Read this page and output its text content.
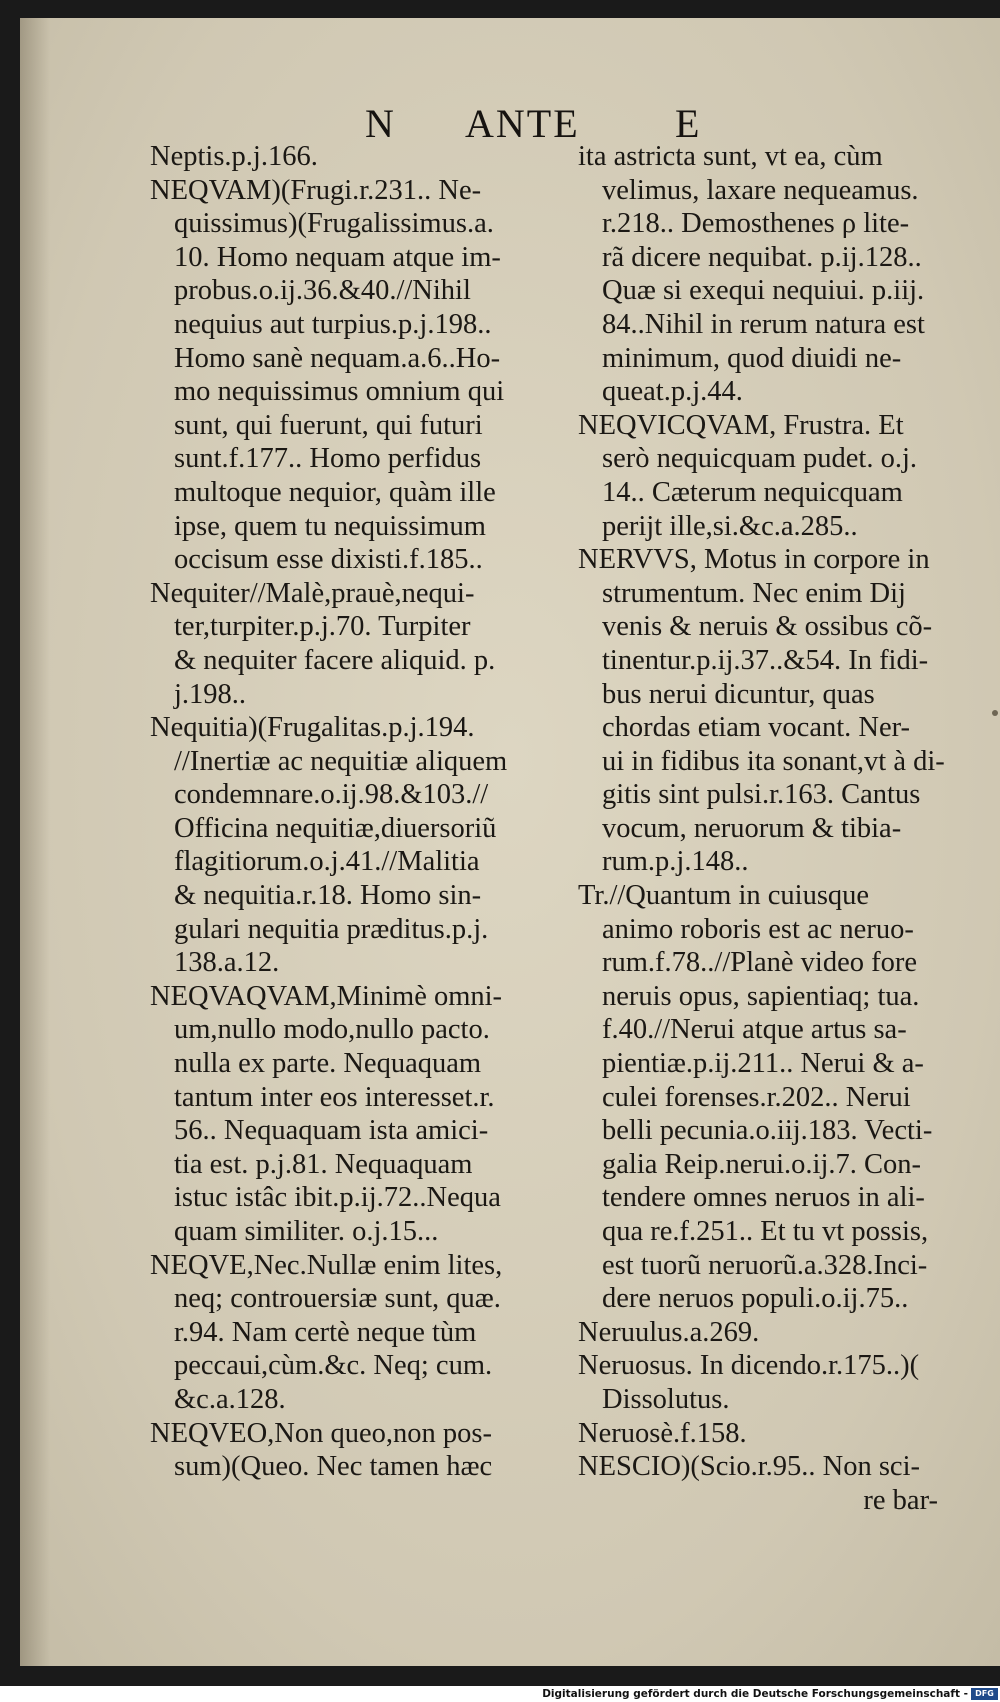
N ANTE E
Neptis.p.j.166.
NEQVAM)(Frugi.r.231.. Ne-
quissimus)(Frugalissimus.a.
10. Homo nequam atque im-
probus.o.ij.36.&40.//Nihil
nequius aut turpius.p.j.198..
Homo sanè nequam.a.6..Ho-
mo nequissimus omnium qui
sunt, qui fuerunt, qui futuri
sunt.f.177.. Homo perfidus
multoque nequior, quàm ille
ipse, quem tu nequissimum
occisum esse dixisti.f.185..
Nequiter//Malè,prauè,nequi-
ter,turpiter.p.j.70. Turpiter
& nequiter facere aliquid. p.
j.198..
Nequitia)(Frugalitas.p.j.194.
//Inertiæ ac nequitiæ aliquem
condemnare.o.ij.98.&103.//
Officina nequitiæ,diuersoriũ
flagitiorum.o.j.41.//Malitia
& nequitia.r.18. Homo sin-
gulari nequitia præditus.p.j.
138.a.12.
NEQVAQVAM,Minimè omni-
um,nullo modo,nullo pacto.
nulla ex parte. Nequaquam
tantum inter eos interesset.r.
56.. Nequaquam ista amici-
tia est. p.j.81. Nequaquam
istuc istâc ibit.p.ij.72..Nequa
quam similiter. o.j.15...
NEQVE,Nec.Nullæ enim lites,
neq; controuersiæ sunt, quæ.
r.94. Nam certè neque tùm
peccaui,cùm.&c. Neq; cum.
&c.a.128.
NEQVEO,Non queo,non pos-
sum)(Queo. Nec tamen hæc
ita astricta sunt, vt ea, cùm
velimus, laxare nequeamus.
r.218.. Demosthenes ρ lite-
rã dicere nequibat. p.ij.128..
Quæ si exequi nequiui. p.iij.
84..Nihil in rerum natura est
minimum, quod diuidi ne-
queat.p.j.44.
NEQVICQVAM, Frustra. Et
serò nequicquam pudet. o.j.
14.. Cæterum nequicquam
perijt ille,si.&c.a.285..
NERVVS, Motus in corpore in
strumentum. Nec enim Dij
venis & neruis & ossibus cõ-
tinentur.p.ij.37..&54. In fidi-
bus nerui dicuntur, quas
chordas etiam vocant. Ner-
ui in fidibus ita sonant,vt à di-
gitis sint pulsi.r.163. Cantus
vocum, neruorum & tibia-
rum.p.j.148..
Tr.//Quantum in cuiusque
animo roboris est ac neruo-
rum.f.78..//Planè video fore
neruis opus, sapientiaq; tua.
f.40.//Nerui atque artus sa-
pientiæ.p.ij.211.. Nerui & a-
culei forenses.r.202.. Nerui
belli pecunia.o.iij.183. Vecti-
galia Reip.nerui.o.ij.7. Con-
tendere omnes neruos in ali-
qua re.f.251.. Et tu vt possis,
est tuorũ neruorũ.a.328.Inci-
dere neruos populi.o.ij.75..
Neruulus.a.269.
Neruosus. In dicendo.r.175..)(
Dissolutus.
Neruosè.f.158.
NESCIO)(Scio.r.95.. Non sci-
re bar-
Digitalisierung gefördert durch die Deutsche Forschungsgemeinschaft - DFG
